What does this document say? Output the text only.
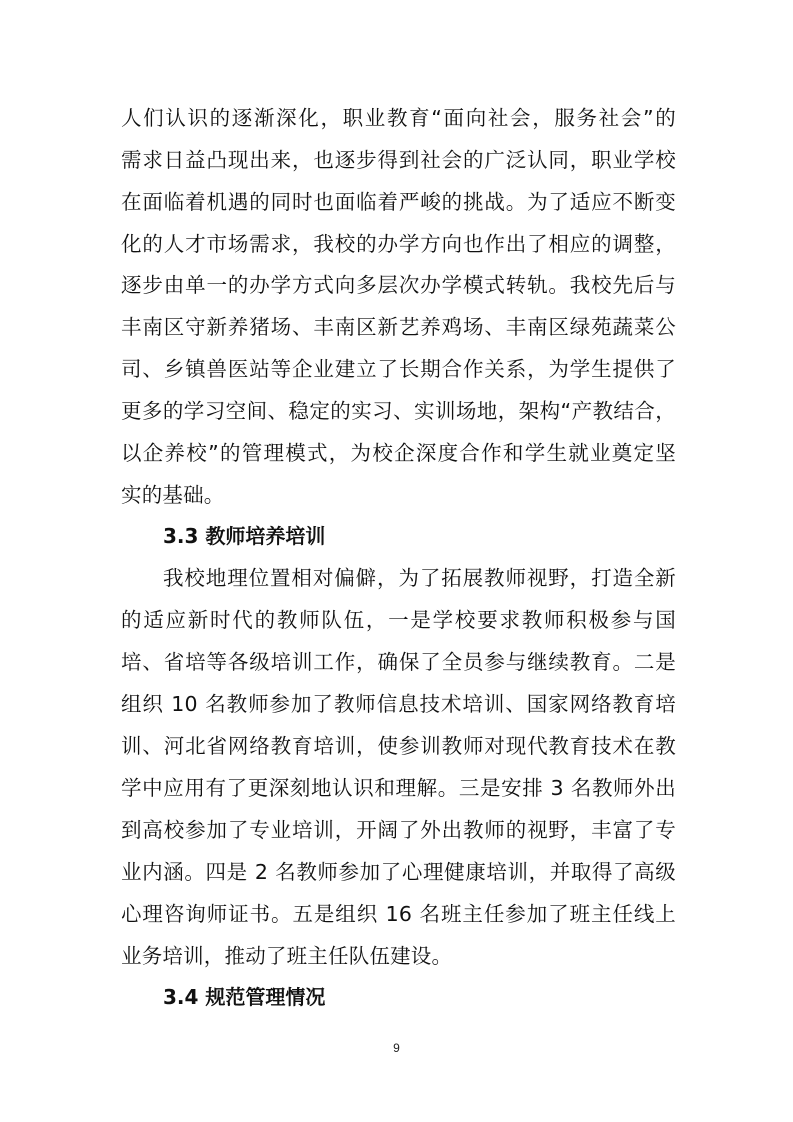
人们认识的逐渐深化，职业教育“面向社会，服务社会”的
需求日益凸现出来，也逐步得到社会的广泛认同，职业学校
在面临着机遇的同时也面临着严峻的挑战。为了适应不断变
化的人才市场需求，我校的办学方向也作出了相应的调整，
逐步由单一的办学方式向多层次办学模式转轨。我校先后与
丰南区守新养猪场、丰南区新艺养鸡场、丰南区绿苑蔬菜公
司、乡镇兽医站等企业建立了长期合作关系，为学生提供了
更多的学习空间、稳定的实习、实训场地，架构“产教结合，
以企养校”的管理模式，为校企深度合作和学生就业奠定坚
实的基础。
3.3 教师培养培训
我校地理位置相对偏僻，为了拓展教师视野，打造全新
的适应新时代的教师队伍，一是学校要求教师积极参与国
培、省培等各级培训工作，确保了全员参与继续教育。二是
组织 10 名教师参加了教师信息技术培训、国家网络教育培
训、河北省网络教育培训，使参训教师对现代教育技术在教
学中应用有了更深刻地认识和理解。三是安排 3 名教师外出
到高校参加了专业培训，开阔了外出教师的视野，丰富了专
业内涵。四是 2 名教师参加了心理健康培训，并取得了高级
心理咨询师证书。五是组织 16 名班主任参加了班主任线上
业务培训，推动了班主任队伍建设。
3.4 规范管理情况
9
